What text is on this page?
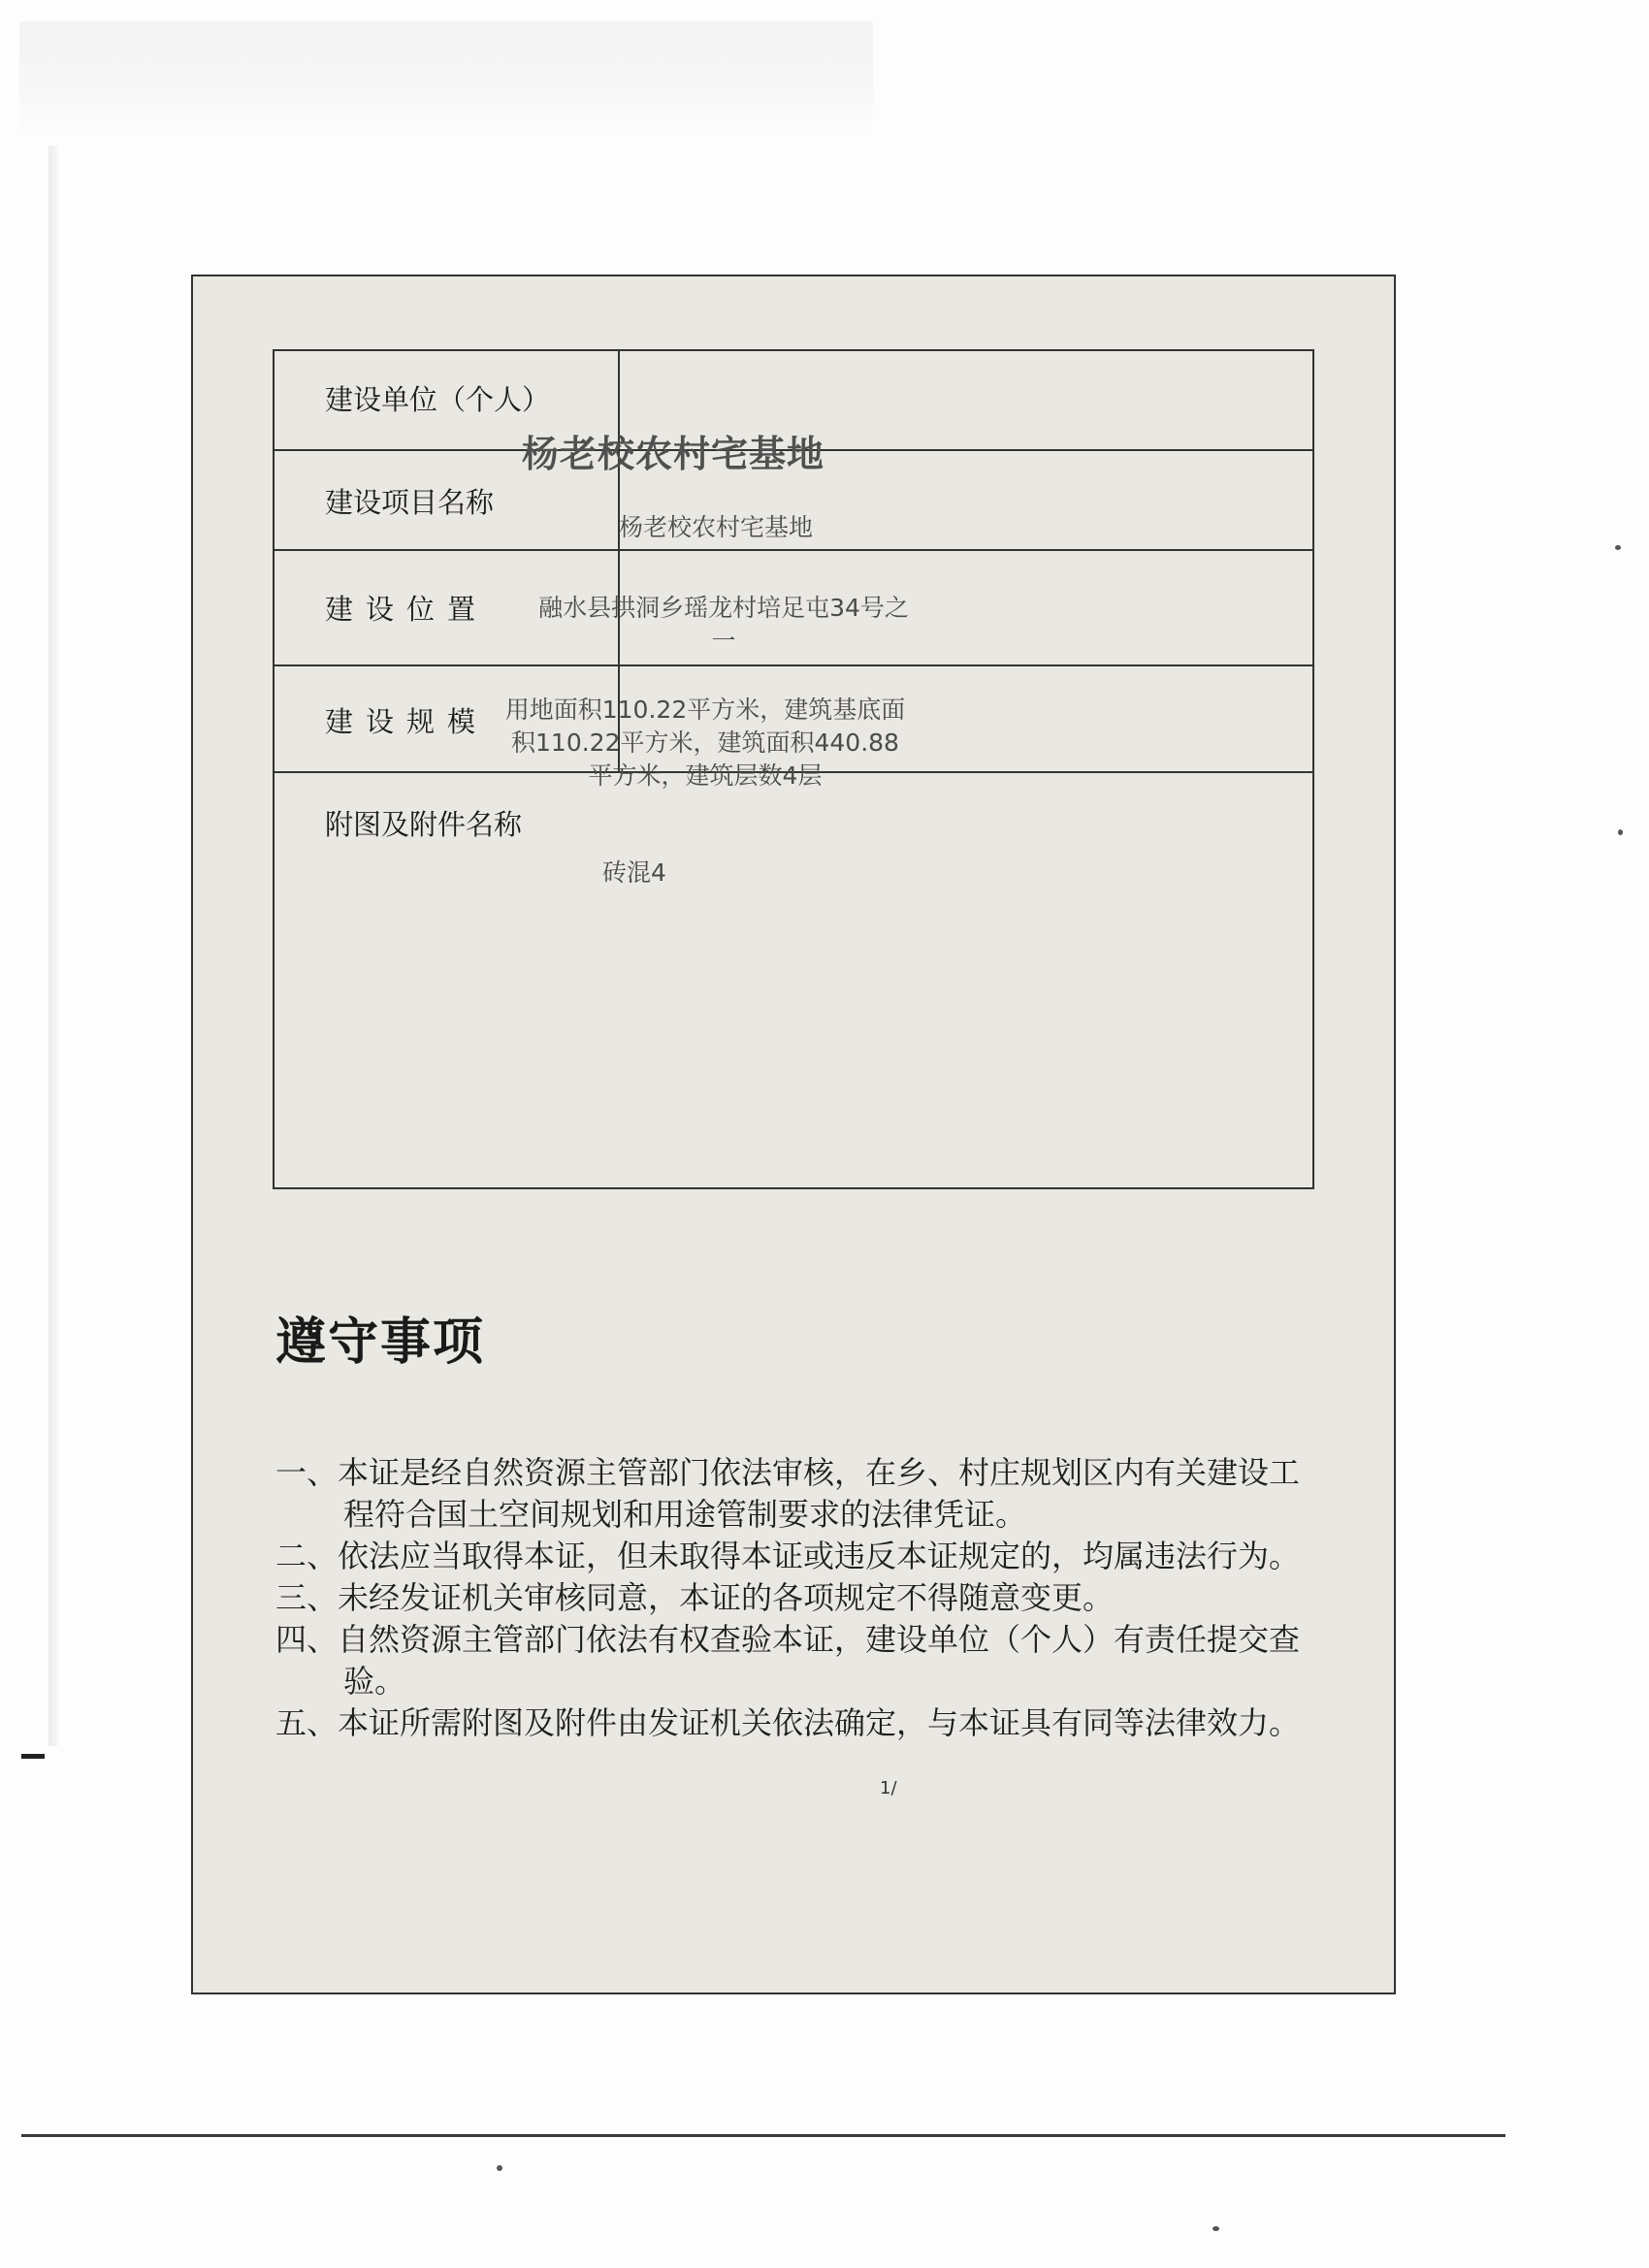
建设单位（个人）
杨老校农村宅基地
建设项目名称
杨老校农村宅基地
建设位置 融水县拱洞乡瑶龙村培足屯34号之一
建设规模 用地面积110.22平方米，建筑基底面积110.22平方米，建筑面积440.88平方米，建筑层数4层
附图及附件名称
砖混4
遵守事项
一、本证是经自然资源主管部门依法审核，在乡、村庄规划区内有关建设工程符合国土空间规划和用途管制要求的法律凭证。
二、依法应当取得本证，但未取得本证或违反本证规定的，均属违法行为。
三、未经发证机关审核同意，本证的各项规定不得随意变更。
四、自然资源主管部门依法有权查验本证，建设单位（个人）有责任提交查验。
五、本证所需附图及附件由发证机关依法确定，与本证具有同等法律效力。
1/
